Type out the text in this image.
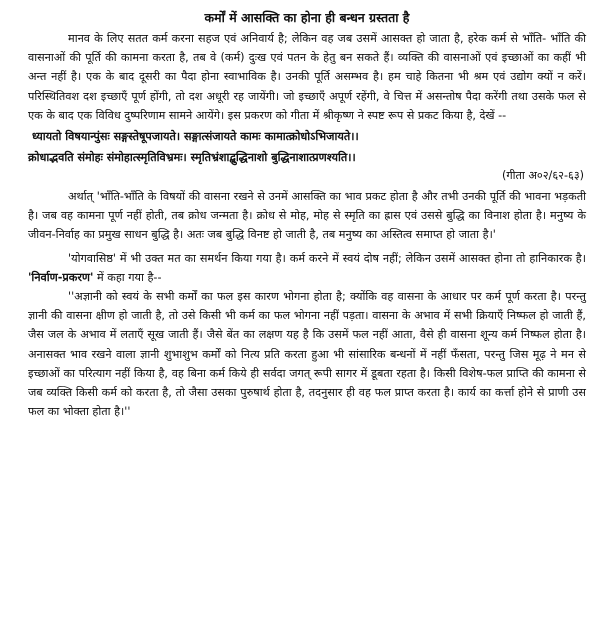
कर्मों में आसक्ति का होना ही बन्धन ग्रस्तता है

मानव के लिए सतत कर्म करना सहज एवं अनिवार्य है; लेकिन वह जब उसमें आसक्त हो जाता है, हरेक कर्म से भाँति- भाँति की वासनाओं की पूर्ति की कामना करता है, तब वे (कर्म) दुःख एवं पतन के हेतु बन सकते हैं। व्यक्ति की वासनाओं एवं इच्छाओं का कहीं भी अन्त नहीं है। एक के बाद दूसरी का पैदा होना स्वाभाविक है। उनकी पूर्ति असम्भव है। हम चाहे कितना भी श्रम एवं उद्योग क्यों न करें। परिस्थितिवश दश इच्छाएँ पूर्ण होंगी, तो दश अधूरी रह जायेंगी। जो इच्छाएँ अपूर्ण रहेंगी, वे चित्त में असन्तोष पैदा करेंगी तथा उसके फल से एक के बाद एक विविध दुष्परिणाम सामने आयेंगे। इस प्रकरण को गीता में श्रीकृष्ण ने स्पष्ट रूप से प्रकट किया है, देखें --

ध्यायतो विषयान्पुंसः सङ्गस्तेषूपजायते। सङ्गात्संजायते कामः कामात्क्रोधोऽभिजायते।।

क्रोधाद्भवति संमोहः संमोहात्स्मृतिविभ्रमः। स्मृतिभ्रंशाद्बुद्धिनाशो बुद्धिनाशात्प्रणश्यति।।

(गीता अ०२/६२-६३)

अर्थात् 'भाँति-भाँति के विषयों की वासना रखने से उनमें आसक्ति का भाव प्रकट होता है और तभी उनकी पूर्ति की भावना भड़कती है। जब वह कामना पूर्ण नहीं होती, तब क्रोध जन्मता है। क्रोध से मोह, मोह से स्मृति का ह्रास एवं उससे बुद्धि का विनाश होता है। मनुष्य के जीवन-निर्वाह का प्रमुख साधन बुद्धि है। अतः जब बुद्धि विनष्ट हो जाती है, तब मनुष्य का अस्तित्व समाप्त हो जाता है।'

'योगवासिष्ठ' में भी उक्त मत का समर्थन किया गया है। कर्म करने में स्वयं दोष नहीं; लेकिन उसमें आसक्त होना तो हानिकारक है। 'निर्वाण-प्रकरण' में कहा गया है--

''अज्ञानी को स्वयं के सभी कर्मों का फल इस कारण भोगना होता है; क्योंकि वह वासना के आधार पर कर्म पूर्ण करता है। परन्तु ज्ञानी की वासना क्षीण हो जाती है, तो उसे किसी भी कर्म का फल भोगना नहीं पड़ता। वासना के अभाव में सभी क्रियाएँ निष्फल हो जाती हैं, जैस जल के अभाव में लताएँ सूख जाती हैं। जैसे बेंत का लक्षण यह है कि उसमें फल नहीं आता, वैसे ही वासना शून्य कर्म निष्फल होता है। अनासक्त भाव रखने वाला ज्ञानी शुभाशुभ कर्मों को नित्य प्रति करता हुआ भी सांसारिक बन्धनों में नहीं फँसता, परन्तु जिस मूढ़ ने मन से इच्छाओं का परित्याग नहीं किया है, वह बिना कर्म किये ही सर्वदा जगत् रूपी सागर में डूबता रहता है। किसी विशेष-फल प्राप्ति की कामना से जब व्यक्ति किसी कर्म को करता है, तो जैसा उसका पुरुषार्थ होता है, तदनुसार ही वह फल प्राप्त करता है। कार्य का कर्त्ता होने से प्राणी उस फल का भोक्ता होता है।''
